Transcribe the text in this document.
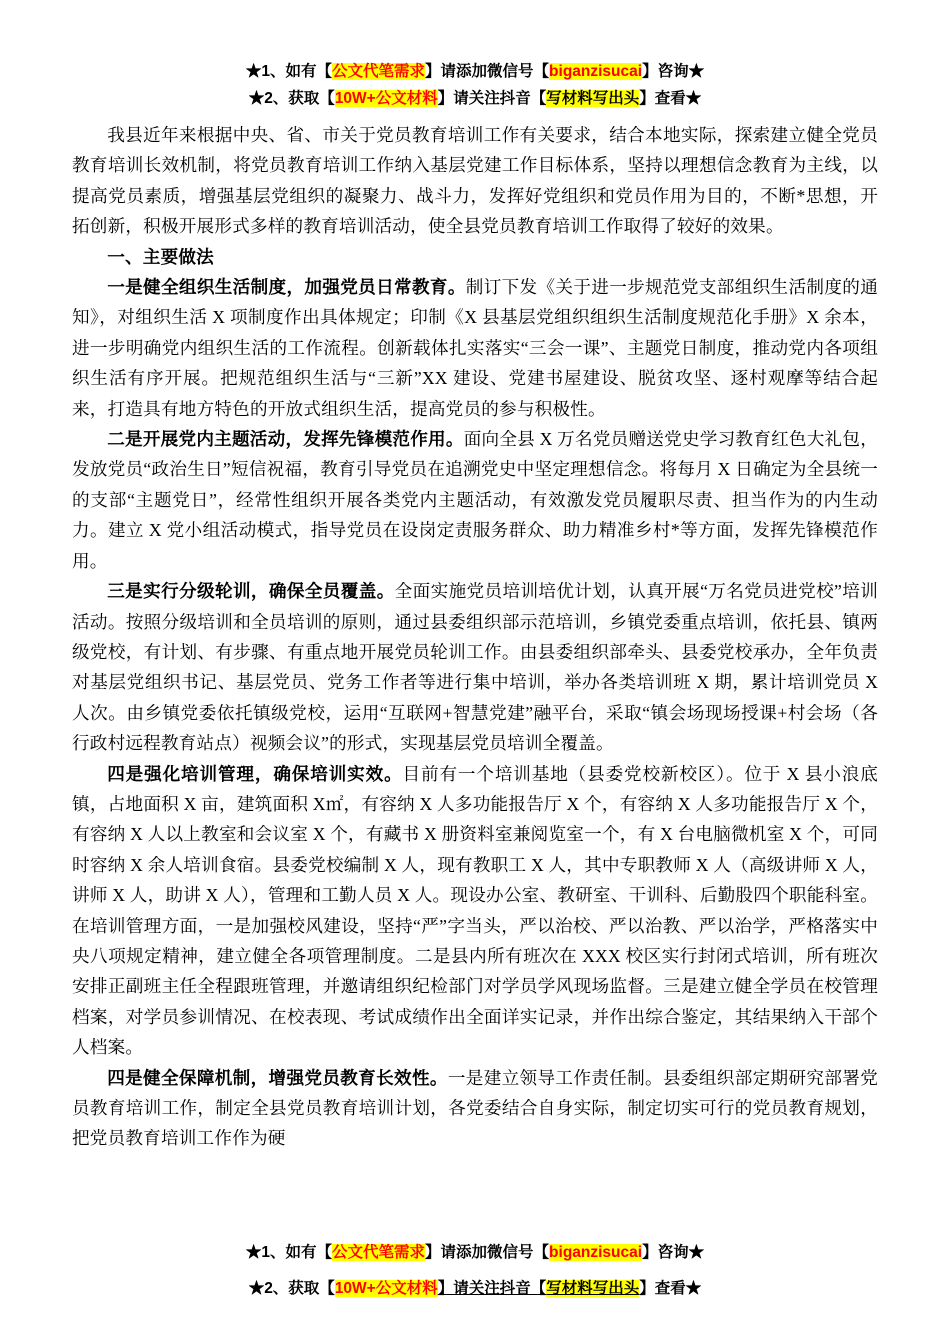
★1、如有【公文代笔需求】请添加微信号【biganzisucai】咨询★
★2、获取【10W+公文材料】请关注抖音【写材料写出头】查看★

我县近年来根据中央、省、市关于党员教育培训工作有关要求，结合本地实际，探索建立健全党员教育培训长效机制，将党员教育培训工作纳入基层党建工作目标体系，坚持以理想信念教育为主线，以提高党员素质，增强基层党组织的凝聚力、战斗力，发挥好党组织和党员作用为目的，不断*思想，开拓创新，积极开展形式多样的教育培训活动，使全县党员教育培训工作取得了较好的效果。

一、主要做法

一是健全组织生活制度，加强党员日常教育。制订下发《关于进一步规范党支部组织生活制度的通知》，对组织生活 X 项制度作出具体规定；印制《X 县基层党组织组织生活制度规范化手册》X 余本，进一步明确党内组织生活的工作流程。创新载体扎实落实“三会一课”、主题党日制度，推动党内各项组织生活有序开展。把规范组织生活与“三新”XX 建设、党建书屋建设、脱贫攻坚、逐村观摩等结合起来，打造具有地方特色的开放式组织生活，提高党员的参与积极性。

二是开展党内主题活动，发挥先锋模范作用。面向全县 X 万名党员赠送党史学习教育红色大礼包，发放党员“政治生日”短信祝福，教育引导党员在追溯党史中坚定理想信念。将每月 X 日确定为全县统一的支部“主题党日”，经常性组织开展各类党内主题活动，有效激发党员履职尽责、担当作为的内生动力。建立 X 党小组活动模式，指导党员在设岗定责服务群众、助力精准乡村*等方面，发挥先锋模范作用。

三是实行分级轮训，确保全员覆盖。全面实施党员培训培优计划，认真开展“万名党员进党校”培训活动。按照分级培训和全员培训的原则，通过县委组织部示范培训，乡镇党委重点培训，依托县、镇两级党校，有计划、有步骤、有重点地开展党员轮训工作。由县委组织部牵头、县委党校承办，全年负责对基层党组织书记、基层党员、党务工作者等进行集中培训，举办各类培训班 X 期，累计培训党员 X 人次。由乡镇党委依托镇级党校，运用“互联网+智慧党建”融平台，采取“镇会场现场授课+村会场（各行政村远程教育站点）视频会议”的形式，实现基层党员培训全覆盖。

四是强化培训管理，确保培训实效。目前有一个培训基地（县委党校新校区）。位于 X 县小浪底镇，占地面积 X 亩，建筑面积 X㎡，有容纳 X 人多功能报告厅 X 个，有容纳 X 人多功能报告厅 X 个，有容纳 X 人以上教室和会议室 X 个，有藏书 X 册资料室兼阅览室一个，有 X 台电脑微机室 X 个，可同时容纳 X 余人培训食宿。县委党校编制 X 人，现有教职工 X 人，其中专职教师 X 人（高级讲师 X 人，讲师 X 人，助讲 X 人），管理和工勤人员 X 人。现设办公室、教研室、干训科、后勤股四个职能科室。在培训管理方面，一是加强校风建设，坚持“严”字当头，严以治校、严以治教、严以治学，严格落实中央八项规定精神，建立健全各项管理制度。二是县内所有班次在 XXX 校区实行封闭式培训，所有班次安排正副班主任全程跟班管理，并邀请组织纪检部门对学员学风现场监督。三是建立健全学员在校管理档案，对学员参训情况、在校表现、考试成绩作出全面详实记录，并作出综合鉴定，其结果纳入干部个人档案。

四是健全保障机制，增强党员教育长效性。一是建立领导工作责任制。县委组织部定期研究部署党员教育培训工作，制定全县党员教育培训计划，各党委结合自身实际，制定切实可行的党员教育规划，把党员教育培训工作作为硬

★1、如有【公文代笔需求】请添加微信号【biganzisucai】咨询★
★2、获取【10W+公文材料】请关注抖音【写材料写出头】查看★
